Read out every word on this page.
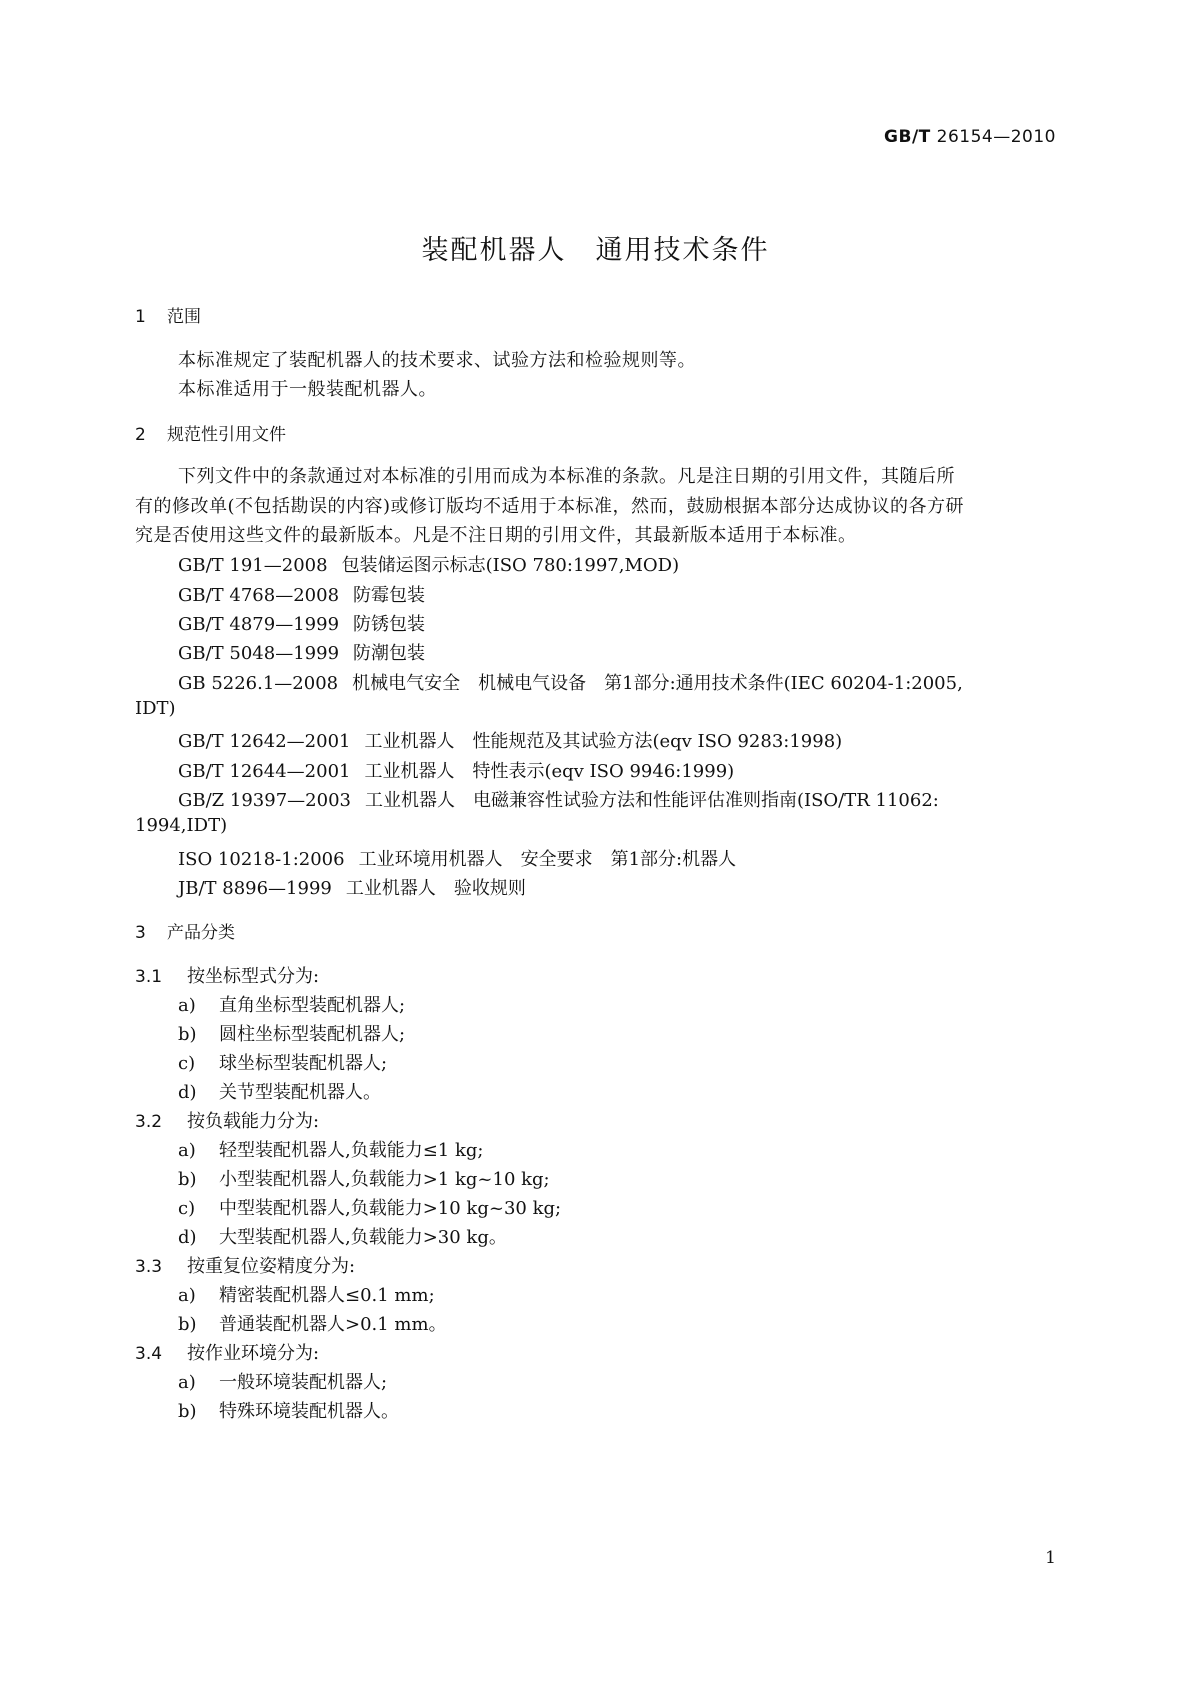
GB/T 26154—2010
装配机器人　通用技术条件
1 范围
本标准规定了装配机器人的技术要求、试验方法和检验规则等。
本标准适用于一般装配机器人。
2 规范性引用文件
下列文件中的条款通过对本标准的引用而成为本标准的条款。凡是注日期的引用文件，其随后所
有的修改单(不包括勘误的内容)或修订版均不适用于本标准，然而，鼓励根据本部分达成协议的各方研
究是否使用这些文件的最新版本。凡是不注日期的引用文件，其最新版本适用于本标准。
GB/T 191—2008 包装储运图示标志(ISO 780:1997,MOD)
GB/T 4768—2008 防霉包装
GB/T 4879—1999 防锈包装
GB/T 5048—1999 防潮包装
GB 5226.1—2008 机械电气安全　机械电气设备　第1部分:通用技术条件(IEC 60204-1:2005,
IDT)
GB/T 12642—2001 工业机器人　性能规范及其试验方法(eqv ISO 9283:1998)
GB/T 12644—2001 工业机器人　特性表示(eqv ISO 9946:1999)
GB/Z 19397—2003 工业机器人　电磁兼容性试验方法和性能评估准则指南(ISO/TR 11062:
1994,IDT)
ISO 10218-1:2006 工业环境用机器人　安全要求　第1部分:机器人
JB/T 8896—1999 工业机器人　验收规则
3 产品分类
3.1 按坐标型式分为:
a) 直角坐标型装配机器人;
b) 圆柱坐标型装配机器人;
c) 球坐标型装配机器人;
d) 关节型装配机器人。
3.2 按负载能力分为:
a) 轻型装配机器人,负载能力≤1 kg;
b) 小型装配机器人,负载能力>1 kg~10 kg;
c) 中型装配机器人,负载能力>10 kg~30 kg;
d) 大型装配机器人,负载能力>30 kg。
3.3 按重复位姿精度分为:
a) 精密装配机器人≤0.1 mm;
b) 普通装配机器人>0.1 mm。
3.4 按作业环境分为:
a) 一般环境装配机器人;
b) 特殊环境装配机器人。
1
